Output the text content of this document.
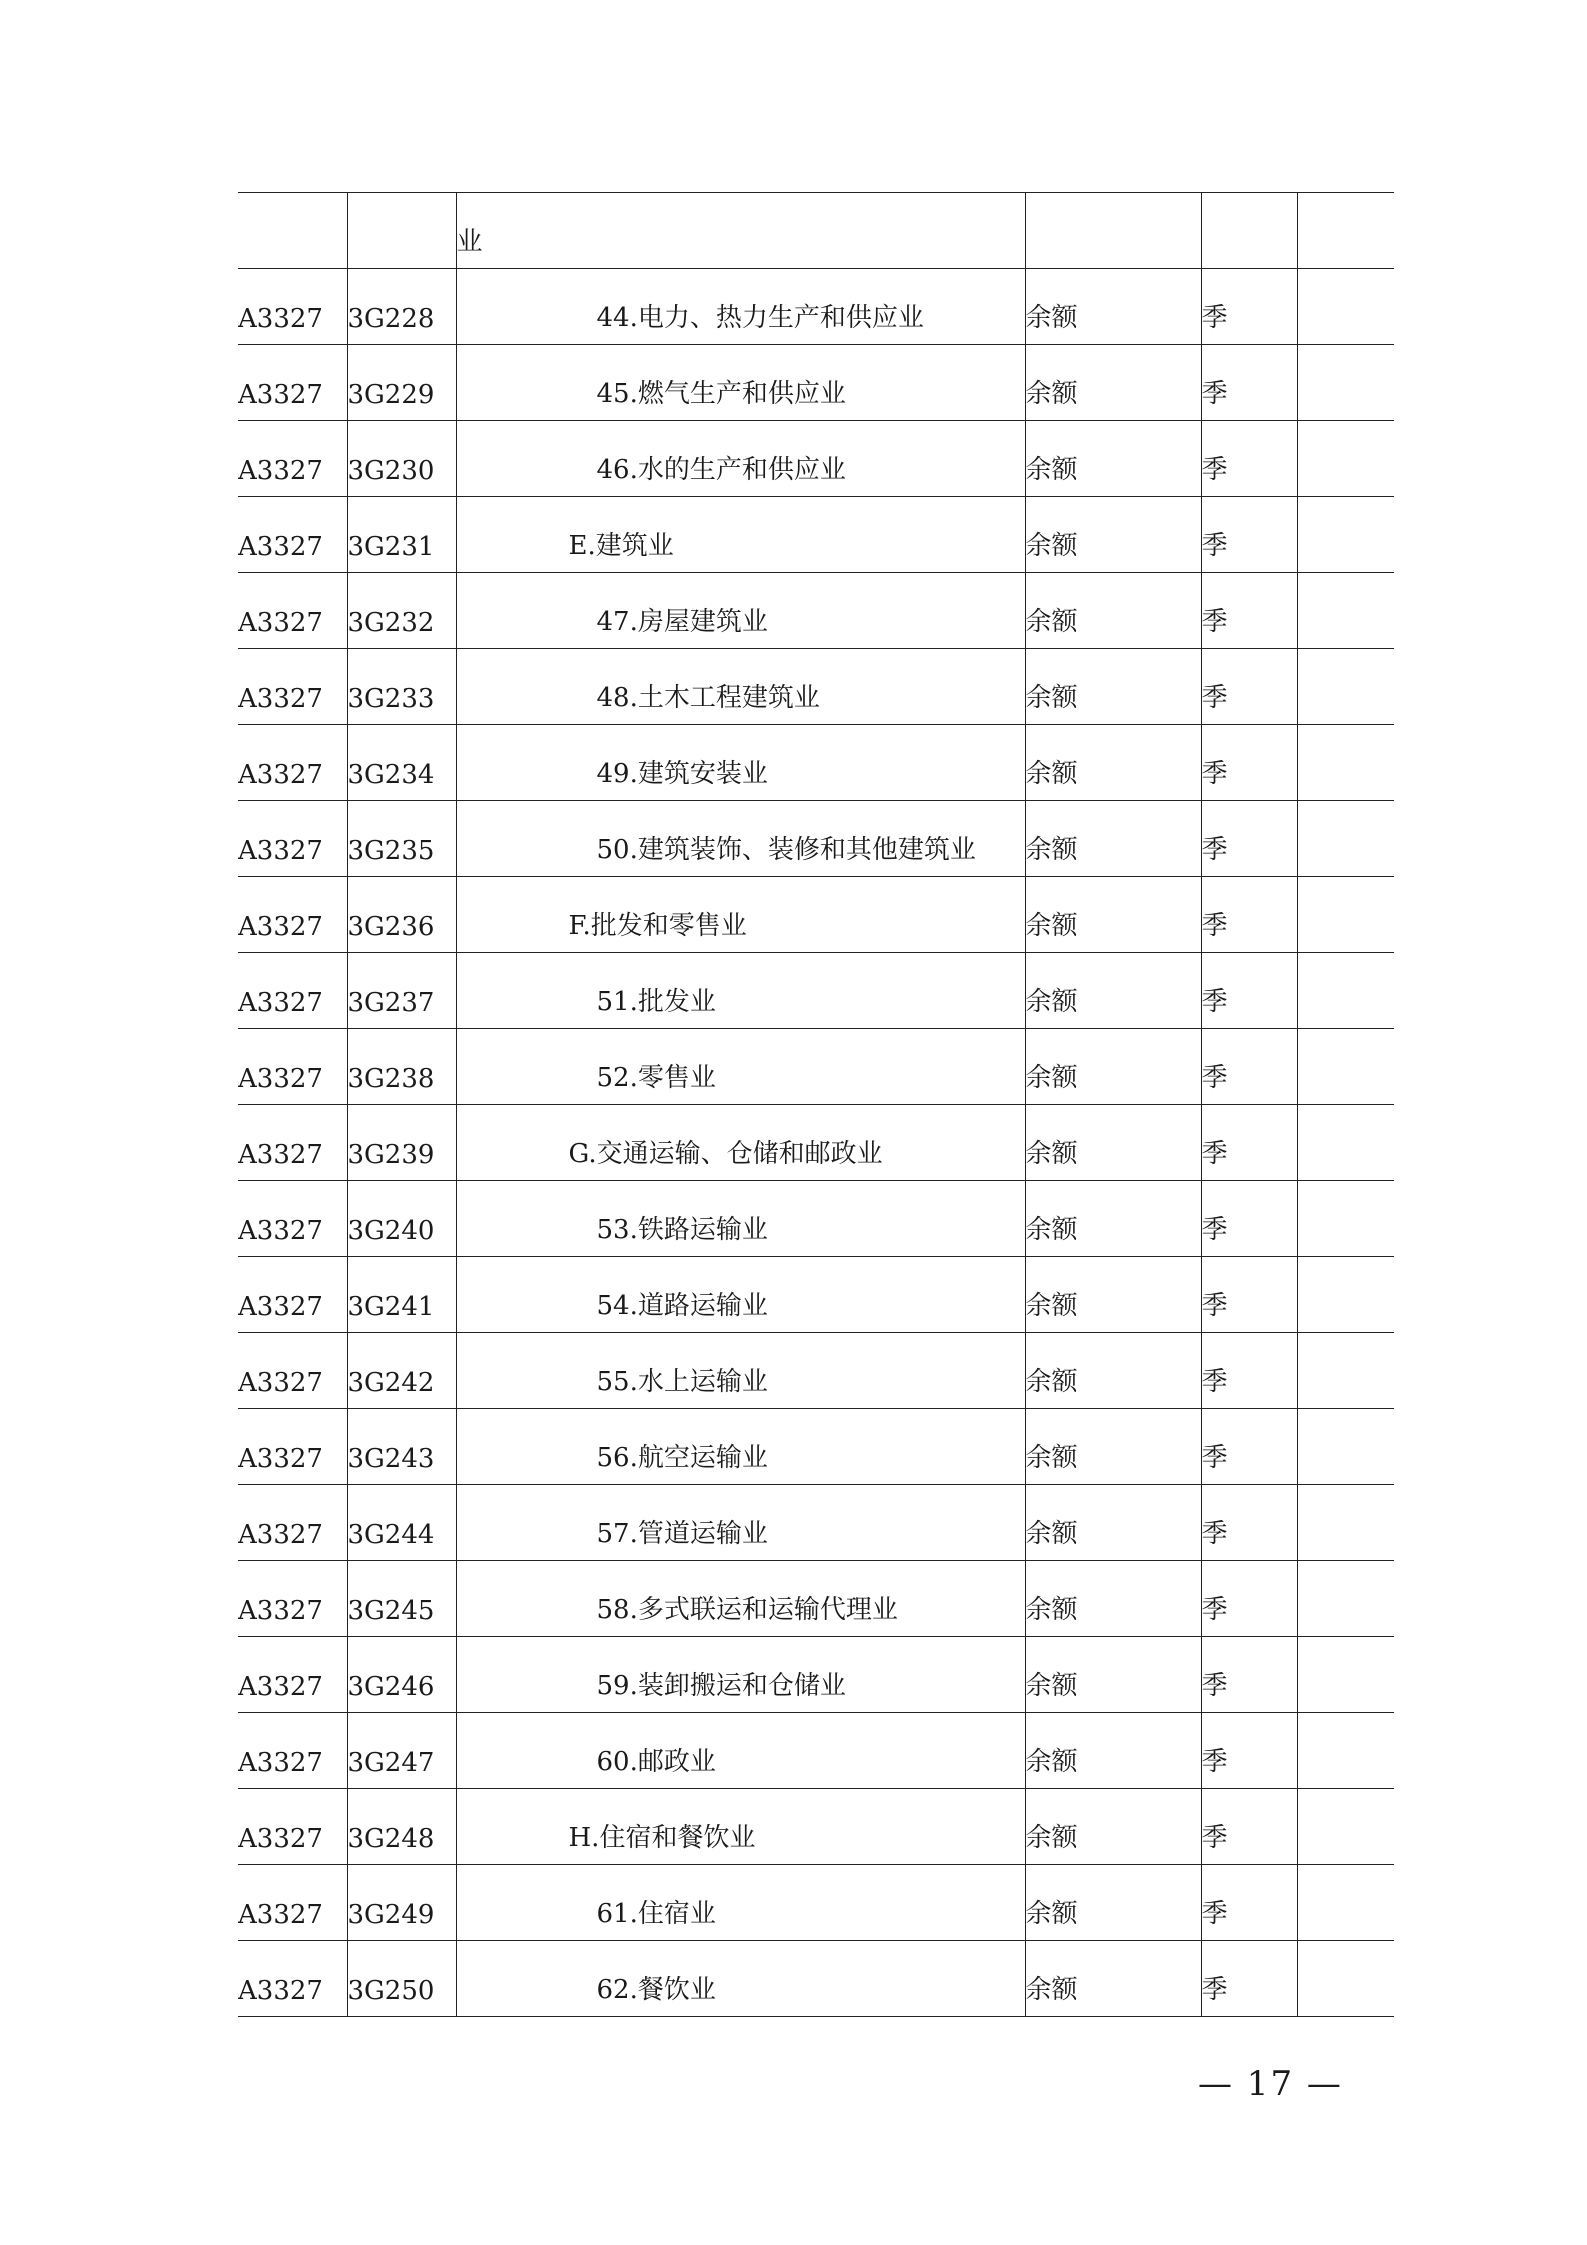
		业			
A3327	3G228	44.电力、热力生产和供应业	余额	季	
A3327	3G229	45.燃气生产和供应业	余额	季	
A3327	3G230	46.水的生产和供应业	余额	季	
A3327	3G231	E.建筑业	余额	季	
A3327	3G232	47.房屋建筑业	余额	季	
A3327	3G233	48.土木工程建筑业	余额	季	
A3327	3G234	49.建筑安装业	余额	季	
A3327	3G235	50.建筑装饰、装修和其他建筑业	余额	季	
A3327	3G236	F.批发和零售业	余额	季	
A3327	3G237	51.批发业	余额	季	
A3327	3G238	52.零售业	余额	季	
A3327	3G239	G.交通运输、仓储和邮政业	余额	季	
A3327	3G240	53.铁路运输业	余额	季	
A3327	3G241	54.道路运输业	余额	季	
A3327	3G242	55.水上运输业	余额	季	
A3327	3G243	56.航空运输业	余额	季	
A3327	3G244	57.管道运输业	余额	季	
A3327	3G245	58.多式联运和运输代理业	余额	季	
A3327	3G246	59.装卸搬运和仓储业	余额	季	
A3327	3G247	60.邮政业	余额	季	
A3327	3G248	H.住宿和餐饮业	余额	季	
A3327	3G249	61.住宿业	余额	季	
A3327	3G250	62.餐饮业	余额	季	
— 17 —
